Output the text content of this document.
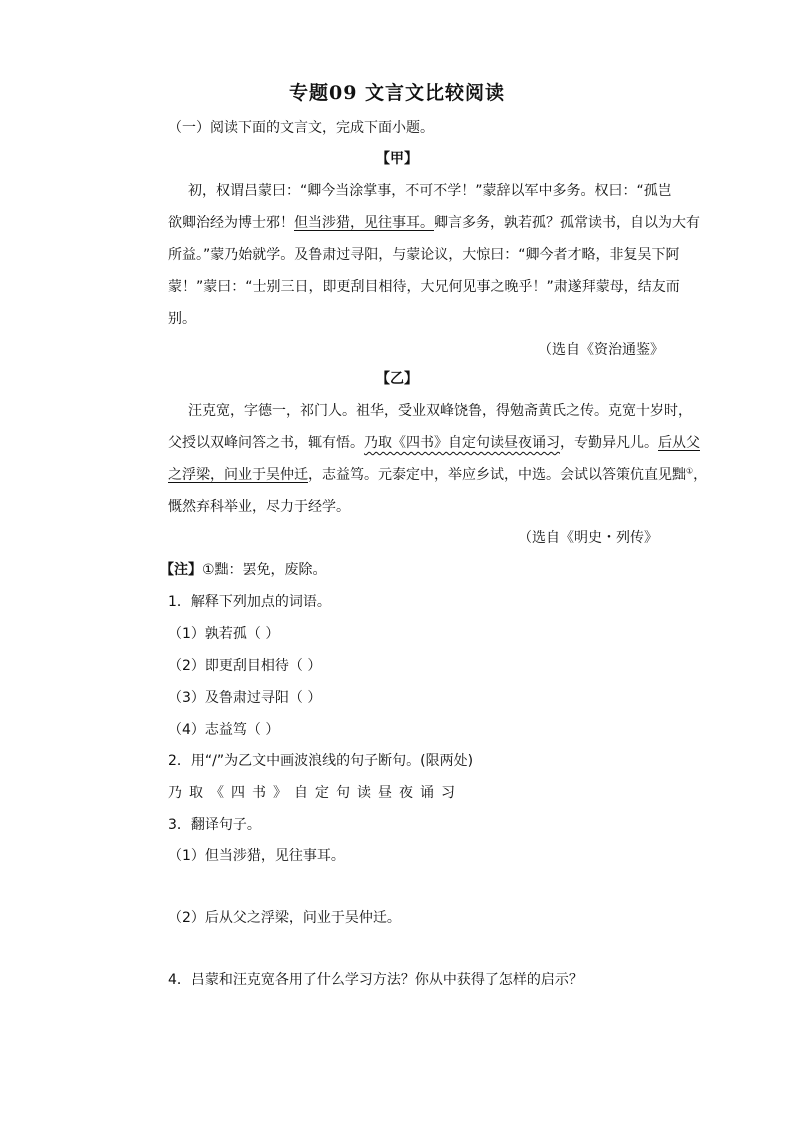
专题09 文言文比较阅读
（一）阅读下面的文言文，完成下面小题。
【甲】
初，权谓吕蒙曰：“卿今当涂掌事，不可不学！”蒙辞以军中多务。权曰：“孤岂
欲卿治经为博士邪！但当涉猎，见往事耳。卿言多务，孰若孤？孤常读书，自以为大有
所益。”蒙乃始就学。及鲁肃过寻阳，与蒙论议，大惊曰：“卿今者才略，非复吴下阿
蒙！”蒙曰：“士别三日，即更刮目相待，大兄何见事之晚乎！”肃遂拜蒙母，结友而
别。
（选自《资治通鉴》
【乙】
汪克宽，字德一，祁门人。祖华，受业双峰饶鲁，得勉斋黄氏之传。克宽十岁时，
父授以双峰问答之书，辄有悟。乃取《四书》自定句读昼夜诵习，专勤异凡儿。后从父
之浮梁，问业于吴仲迁，志益笃。元泰定中，举应乡试，中选。会试以答策伉直见黜①，
慨然弃科举业，尽力于经学。
（选自《明史・列传》
【注】①黜：罢免，废除。
1．解释下列加点的词语。
（1）孰若孤（ ）
（2）即更刮目相待（ ）
（3）及鲁肃过寻阳（ ）
（4）志益笃（ ）
2．用“/”为乙文中画波浪线的句子断句。(限两处)
乃取《四书》自定句读昼夜诵习
3．翻译句子。
（1）但当涉猎，见往事耳。
（2）后从父之浮梁，问业于吴仲迁。
4．吕蒙和汪克宽各用了什么学习方法？你从中获得了怎样的启示？
